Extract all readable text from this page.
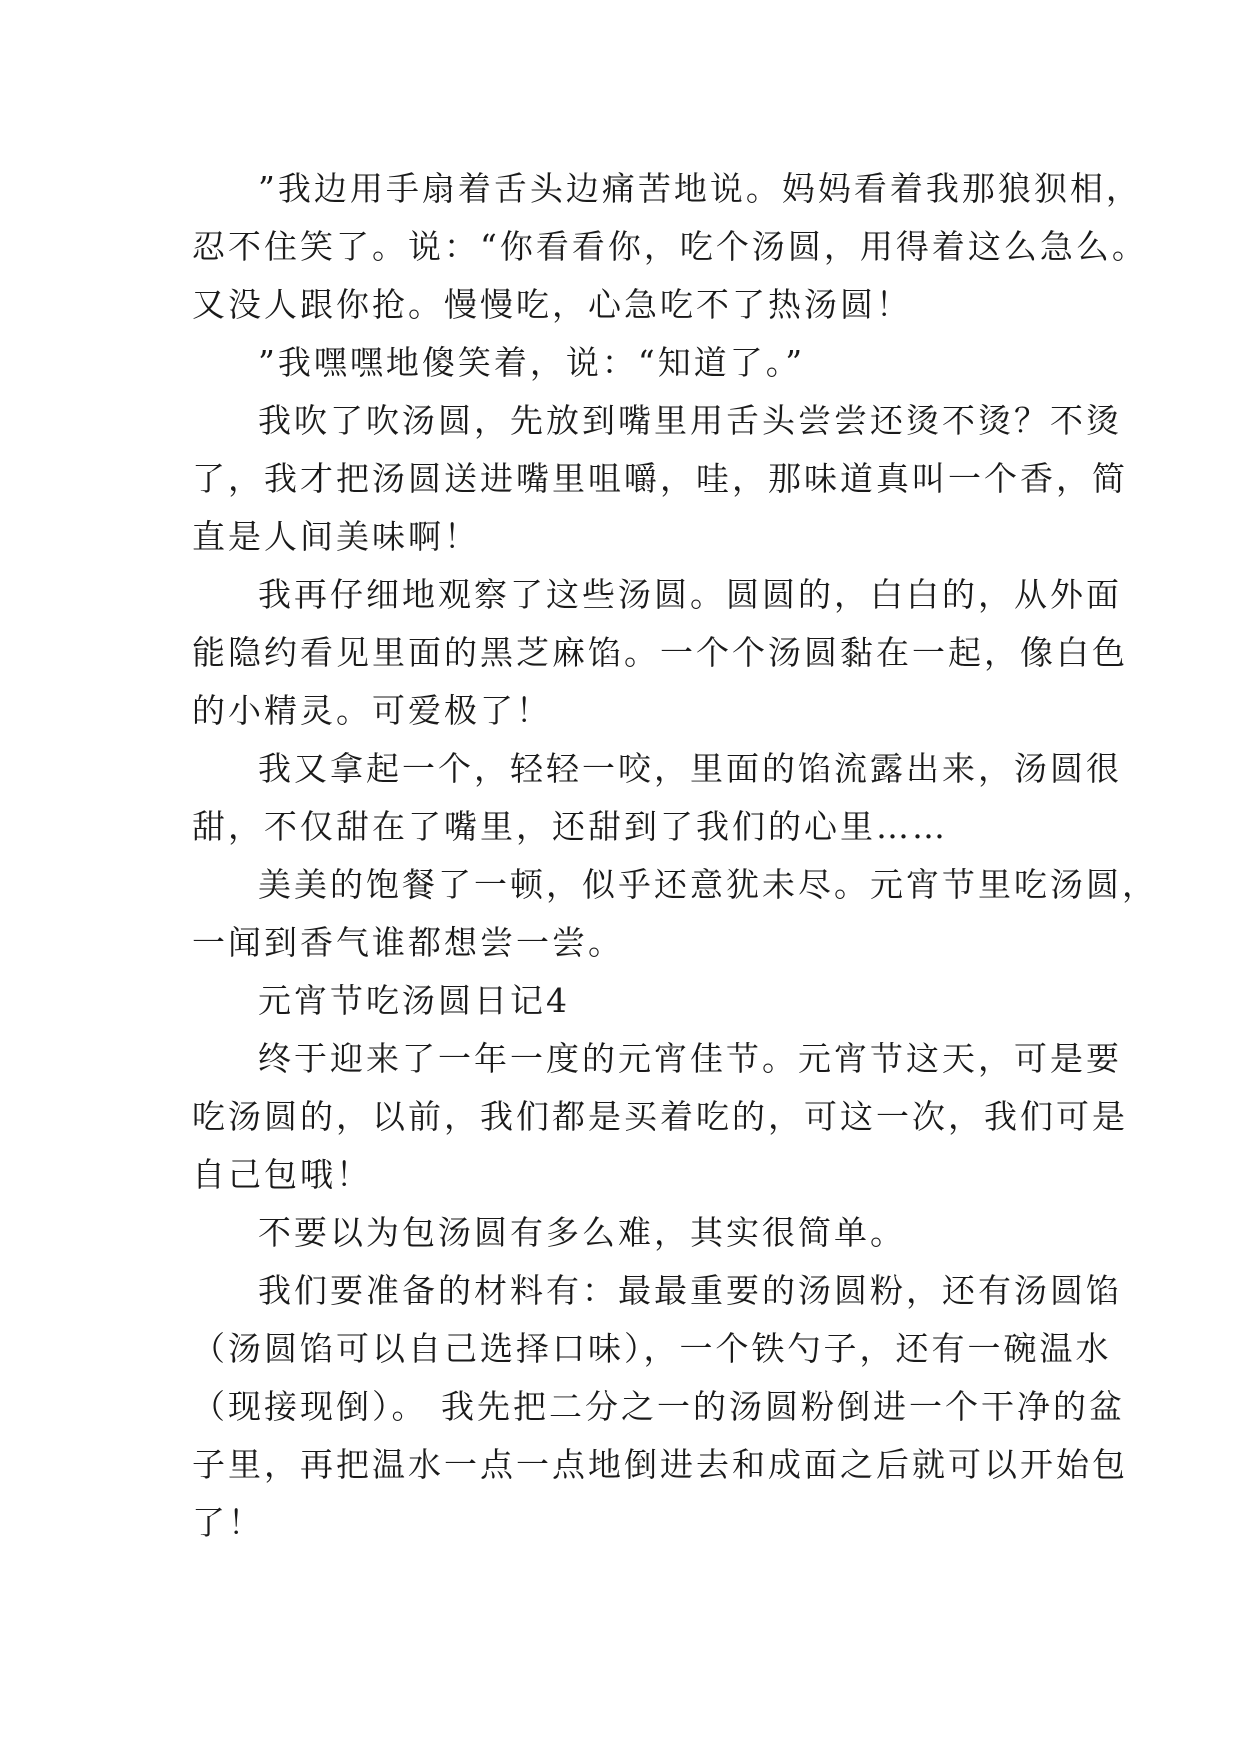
”我边用手扇着舌头边痛苦地说。妈妈看着我那狼狈相，
忍不住笑了。说：“你看看你，吃个汤圆，用得着这么急么。
又没人跟你抢。慢慢吃，心急吃不了热汤圆！
”我嘿嘿地傻笑着，说：“知道了。”
我吹了吹汤圆，先放到嘴里用舌头尝尝还烫不烫？不烫
了，我才把汤圆送进嘴里咀嚼，哇，那味道真叫一个香，简
直是人间美味啊！
我再仔细地观察了这些汤圆。圆圆的，白白的，从外面
能隐约看见里面的黑芝麻馅。一个个汤圆黏在一起，像白色
的小精灵。可爱极了！
我又拿起一个，轻轻一咬，里面的馅流露出来，汤圆很
甜，不仅甜在了嘴里，还甜到了我们的心里……
美美的饱餐了一顿，似乎还意犹未尽。元宵节里吃汤圆，
一闻到香气谁都想尝一尝。
元宵节吃汤圆日记4
终于迎来了一年一度的元宵佳节。元宵节这天，可是要
吃汤圆的，以前，我们都是买着吃的，可这一次，我们可是
自己包哦！
不要以为包汤圆有多么难，其实很简单。
我们要准备的材料有：最最重要的汤圆粉，还有汤圆馅
（汤圆馅可以自己选择口味），一个铁勺子，还有一碗温水
（现接现倒）。 我先把二分之一的汤圆粉倒进一个干净的盆
子里，再把温水一点一点地倒进去和成面之后就可以开始包
了！
